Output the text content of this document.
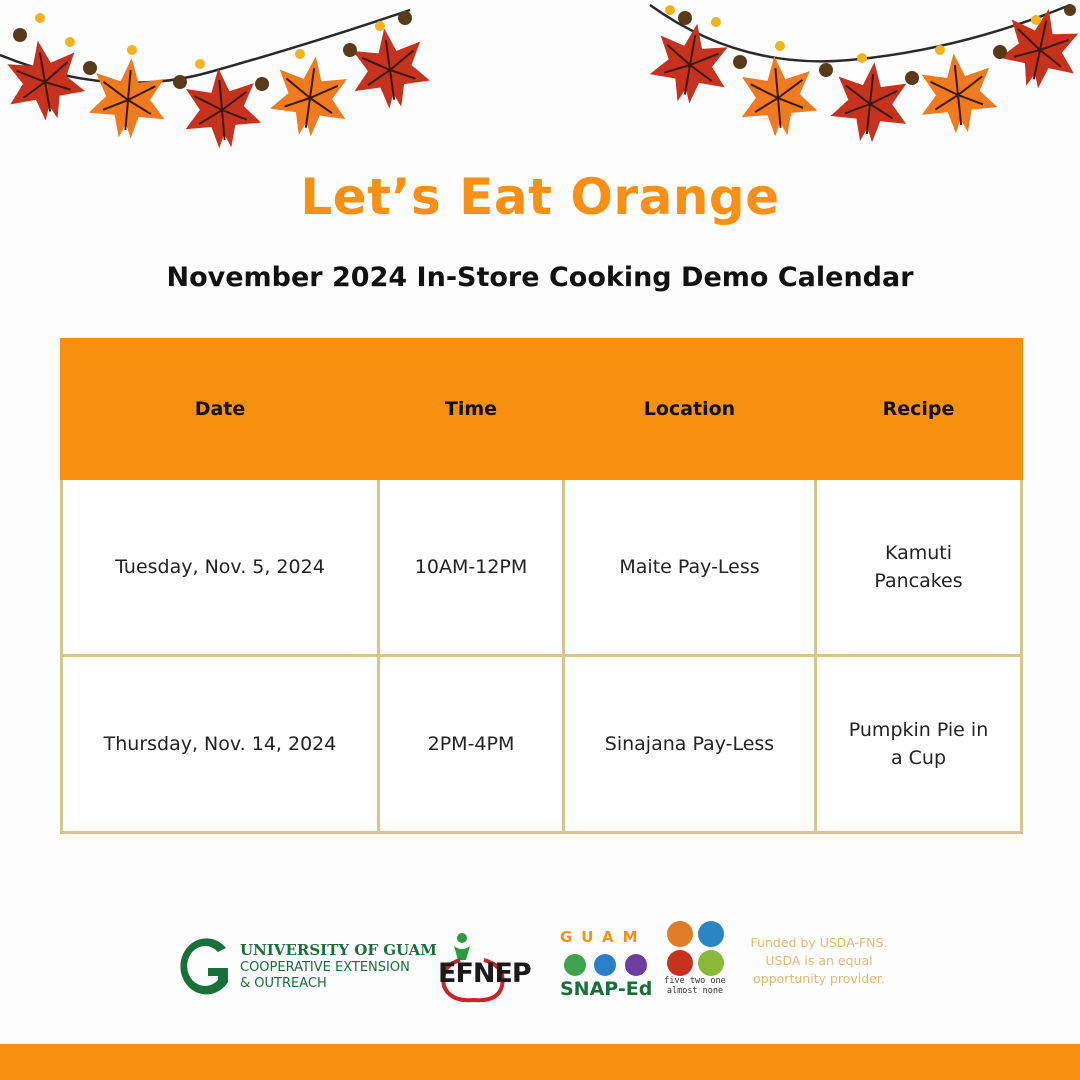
Let’s Eat Orange
November 2024 In-Store Cooking Demo Calendar
Date	Time	Location	Recipe
Tuesday, Nov. 5, 2024	10AM-12PM	Maite Pay-Less	Kamuti Pancakes
Thursday, Nov. 14, 2024	2PM-4PM	Sinajana Pay-Less	Pumpkin Pie in a Cup
UNIVERSITY OF GUAM
COOPERATIVE EXTENSION
& OUTREACH	EFNEP
GUAM
SNAP-Ed five two one almost none
Funded by USDA-FNS. USDA is an equal opportunity provider.
